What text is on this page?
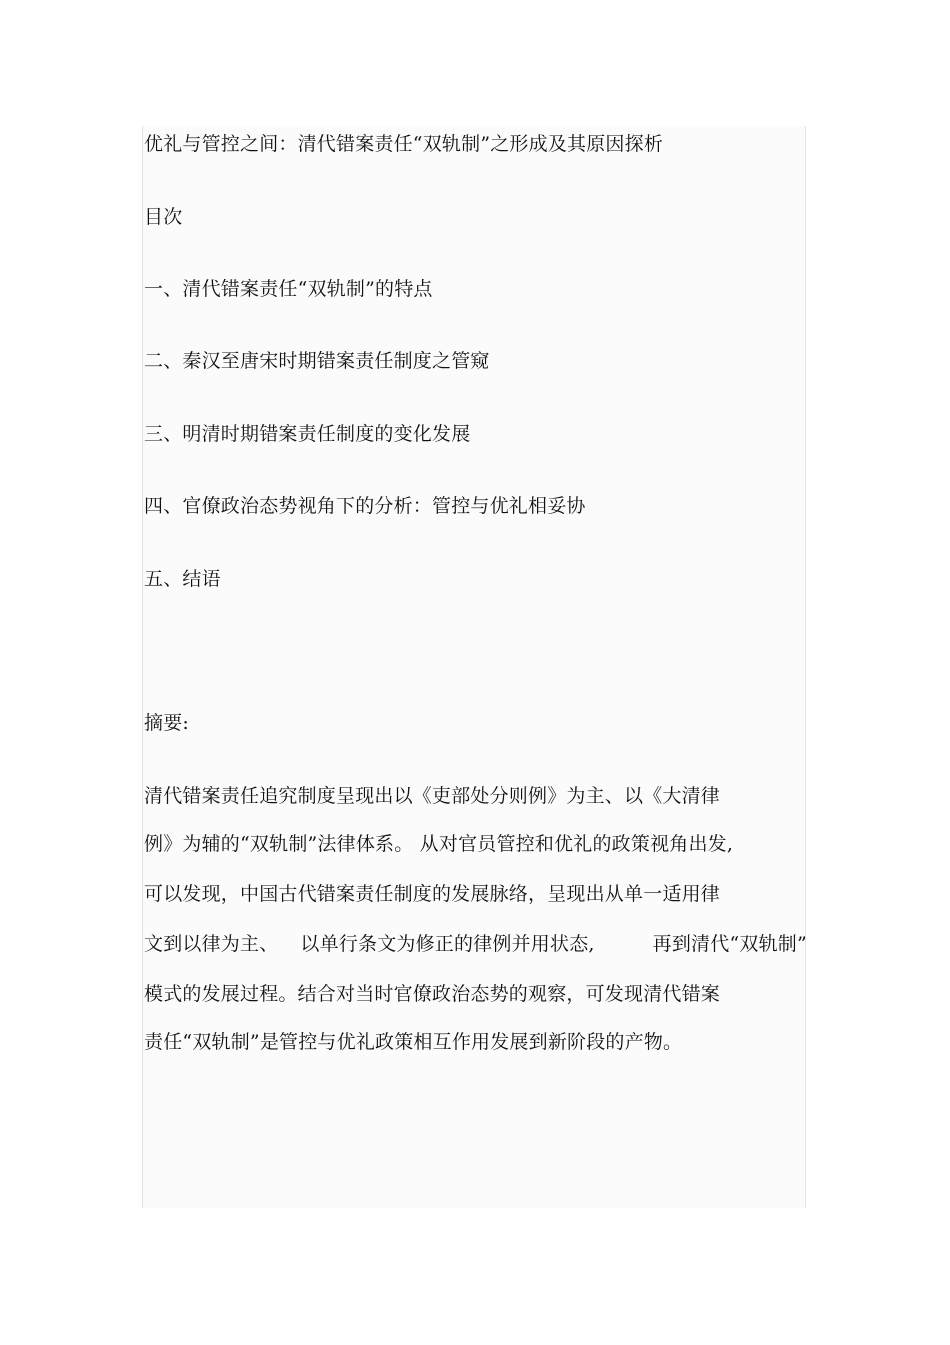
优礼与管控之间：清代错案责任“双轨制”之形成及其原因探析
目次
一、清代错案责任“双轨制”的特点
二、秦汉至唐宋时期错案责任制度之管窥
三、明清时期错案责任制度的变化发展
四、官僚政治态势视角下的分析：管控与优礼相妥协
五、结语
摘要:
清代错案责任追究制度呈现出以《吏部处分则例》为主、以《大清律
例》为辅的“双轨制”法律体系。 从对官员管控和优礼的政策视角出发,
可以发现，中国古代错案责任制度的发展脉络，呈现出从单一适用律
文到以律为主、 以单行条文为修正的律例并用状态,	再到清代“双轨制”
模式的发展过程。结合对当时官僚政治态势的观察，可发现清代错案
责任“双轨制”是管控与优礼政策相互作用发展到新阶段的产物。
